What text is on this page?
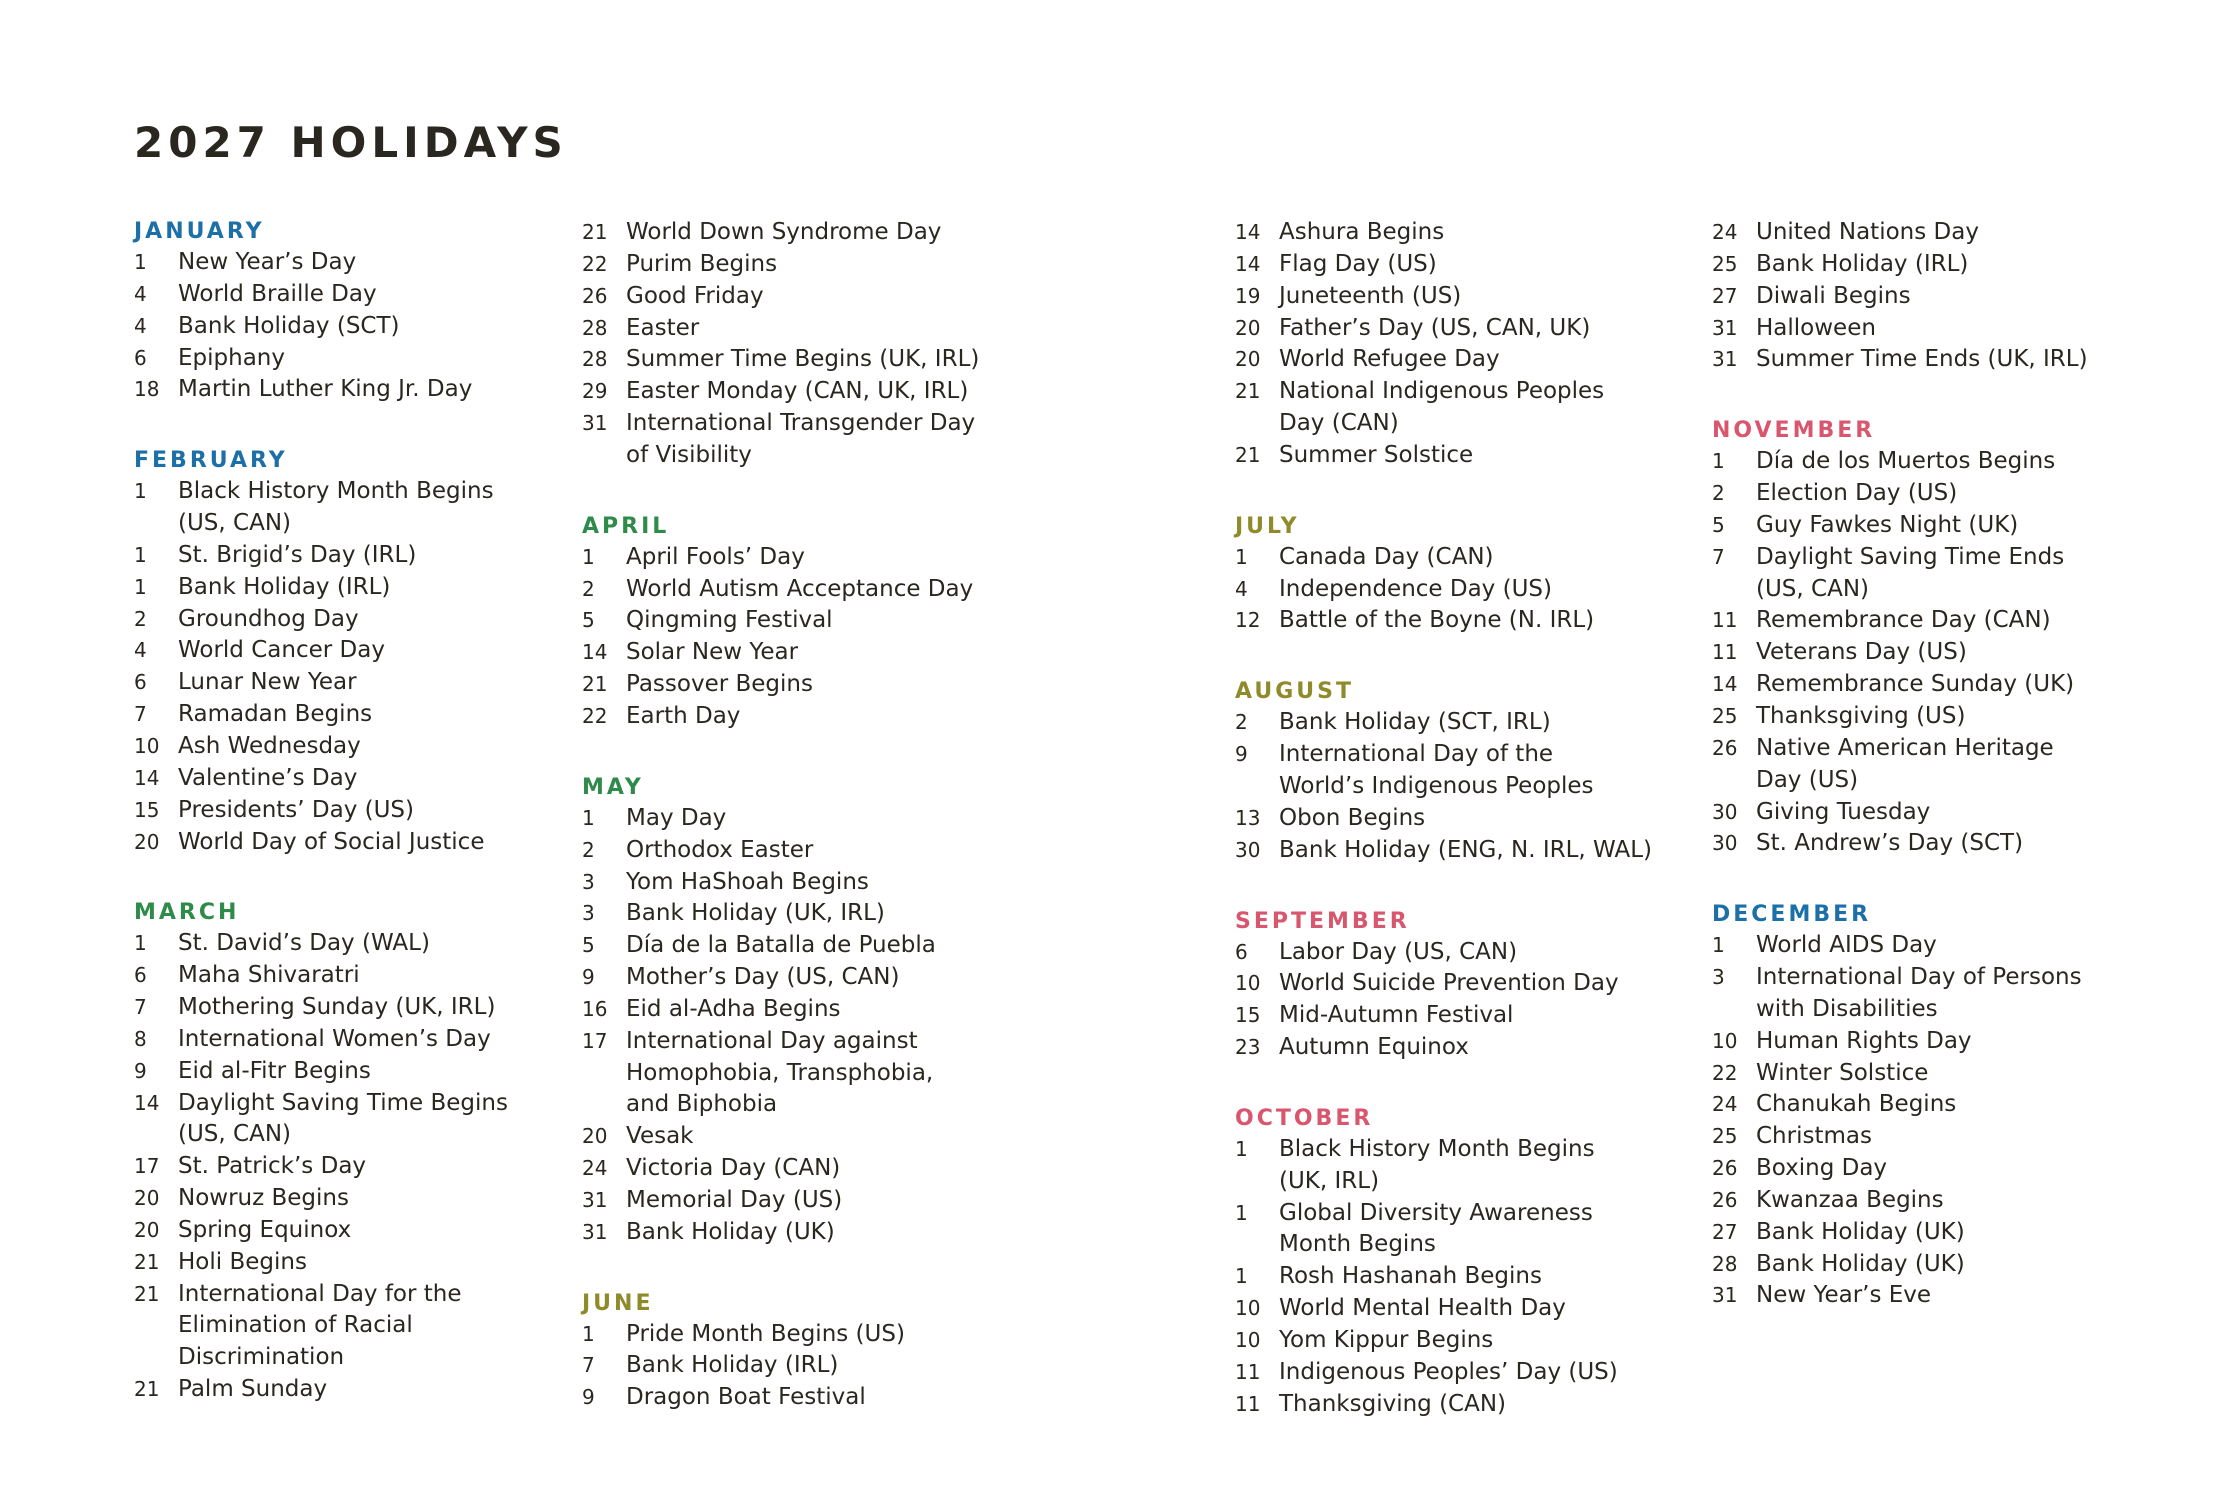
2027 HOLIDAYS
JANUARY
1	New Year’s Day
4	World Braille Day
4	Bank Holiday (SCT)
6	Epiphany
18 Martin Luther King Jr. Day
FEBRUARY
1	Black History Month Begins
(US, CAN)
1	St. Brigid’s Day (IRL)
1	Bank Holiday (IRL)
2	Groundhog Day
4	World Cancer Day
6	Lunar New Year
7	Ramadan Begins
10 Ash Wednesday
14 Valentine’s Day
15 Presidents’ Day (US)
20 World Day of Social Justice
MARCH
1	St. David’s Day (WAL)
6	Maha Shivaratri
7	Mothering Sunday (UK, IRL)
8	International Women’s Day
9	Eid al-Fitr Begins
14 Daylight Saving Time Begins
(US, CAN)
17 St. Patrick’s Day
20 Nowruz Begins
20 Spring Equinox
21 Holi Begins
21 International Day for the
Elimination of Racial
Discrimination
21 Palm Sunday
21 World Down Syndrome Day
22 Purim Begins
26 Good Friday
28 Easter
28 Summer Time Begins (UK, IRL)
29 Easter Monday (CAN, UK, IRL)
31 International Transgender Day
of Visibility
APRIL
1	April Fools’ Day
2	World Autism Acceptance Day
5	Qingming Festival
14 Solar New Year
21 Passover Begins
22 Earth Day
MAY
1	May Day
2	Orthodox Easter
3	Yom HaShoah Begins
3	Bank Holiday (UK, IRL)
5	Día de la Batalla de Puebla
9	Mother’s Day (US, CAN)
16 Eid al-Adha Begins
17 International Day against
Homophobia, Transphobia,
and Biphobia
20 Vesak
24 Victoria Day (CAN)
31 Memorial Day (US)
31 Bank Holiday (UK)
JUNE
1	Pride Month Begins (US)
7	Bank Holiday (IRL)
9	Dragon Boat Festival
14 Ashura Begins
14 Flag Day (US)
19 Juneteenth (US)
20 Father’s Day (US, CAN, UK)
20 World Refugee Day
21 National Indigenous Peoples
Day (CAN)
21 Summer Solstice
JULY
1	Canada Day (CAN)
4	Independence Day (US)
12 Battle of the Boyne (N. IRL)
AUGUST
2	Bank Holiday (SCT, IRL)
9	International Day of the
World’s Indigenous Peoples
13 Obon Begins
30 Bank Holiday (ENG, N. IRL, WAL)
SEPTEMBER
6	Labor Day (US, CAN)
10 World Suicide Prevention Day
15 Mid-Autumn Festival
23 Autumn Equinox
OCTOBER
1	Black History Month Begins
(UK, IRL)
1	Global Diversity Awareness
Month Begins
1	Rosh Hashanah Begins
10 World Mental Health Day
10 Yom Kippur Begins
11 Indigenous Peoples’ Day (US)
11 Thanksgiving (CAN)
24 United Nations Day
25 Bank Holiday (IRL)
27 Diwali Begins
31 Halloween
31 Summer Time Ends (UK, IRL)
NOVEMBER
1	Día de los Muertos Begins
2	Election Day (US)
5	Guy Fawkes Night (UK)
7	Daylight Saving Time Ends
(US, CAN)
11 Remembrance Day (CAN)
11 Veterans Day (US)
14 Remembrance Sunday (UK)
25 Thanksgiving (US)
26 Native American Heritage
Day (US)
30 Giving Tuesday
30 St. Andrew’s Day (SCT)
DECEMBER
1	World AIDS Day
3	International Day of Persons
with Disabilities
10 Human Rights Day
22 Winter Solstice
24 Chanukah Begins
25 Christmas
26 Boxing Day
26 Kwanzaa Begins
27 Bank Holiday (UK)
28 Bank Holiday (UK)
31 New Year’s Eve
